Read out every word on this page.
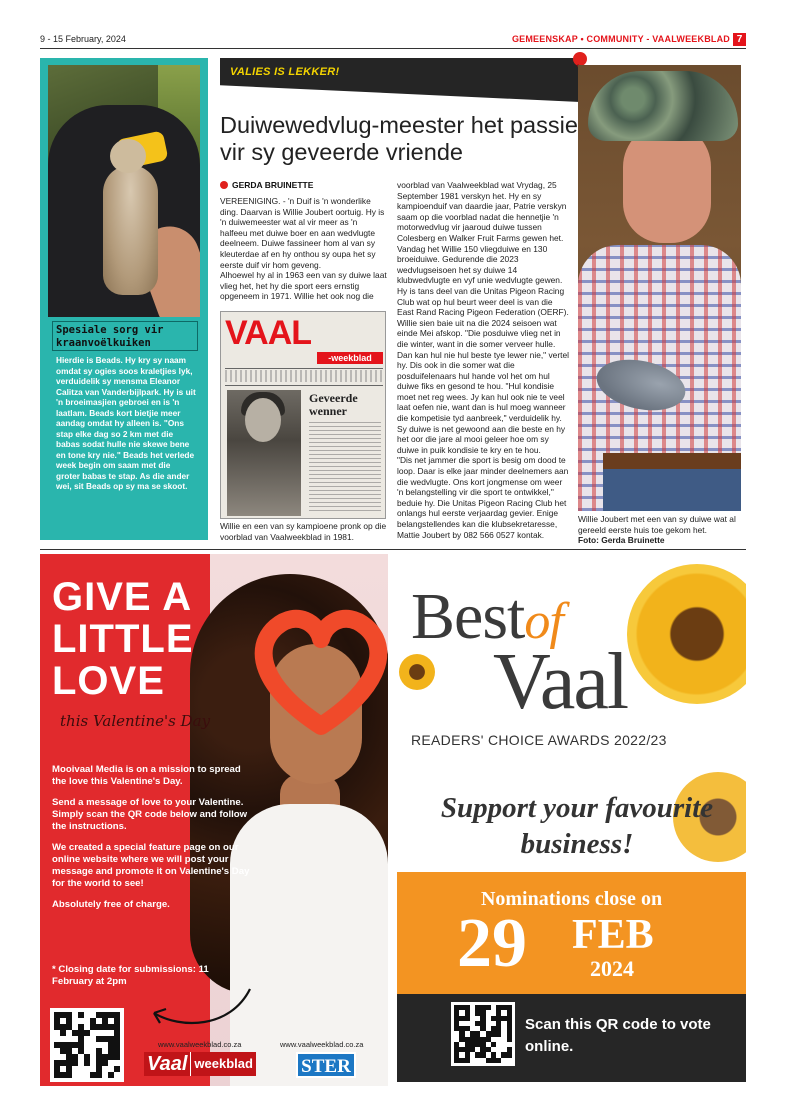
9 - 15 February, 2024	GEMEENSKAP • COMMUNITY - VAALWEEKBLAD 7
Spesiale sorg vir kraanvoëlkuiken
Hierdie is Beads. Hy kry sy naam omdat sy ogies soos kraletjies lyk, verduidelik sy mensma Eleanor Calitza van Vanderbijlpark. Hy is uit 'n broeimasjien gebroei en is 'n laatlam. Beads kort bietjie meer aandag omdat hy alleen is. "Ons stap elke dag so 2 km met die babas sodat hulle nie skewe bene en tone kry nie." Beads het verlede week begin om saam met die groter babas te stap. As die ander wei, sit Beads op sy ma se skoot.
VALIES IS LEKKER!
Duiwewedvlug-meester het passie vir sy geveerde vriende
GERDA BRUINETTE

VEREENIGING. - 'n Duif is 'n wonderlike ding. Daarvan is Willie Joubert oortuig. Hy is 'n duiwemeester wat al vir meer as 'n halfeeu met duiwe boer en aan wedvlugte deelneem. Duiwe fassineer hom al van sy kleuterdae af en hy onthou sy oupa het sy eerste duif vir hom geveng.

Alhoewel hy al in 1963 een van sy duiwe laat vlieg het, het hy die sport eers ernstig opgeneem in 1971. Willie het ook nog die

VAAL
-weekblad
Geveerde wenner
Willie en een van sy kampioene pronk op die voorblad van Vaalweekblad in 1981.

voorblad van Vaalweekblad wat Vrydag, 25 September 1981 verskyn het. Hy en sy kampioenduif van daardie jaar, Patrie verskyn saam op die voorblad nadat die hennetjie 'n motorwedvlug vir jaaroud duiwe tussen Colesberg en Walker Fruit Farms gewen het.

Vandag het Willie 150 vliegduiwe en 130 broeiduiwe. Gedurende die 2023 wedvlugseisoen het sy duiwe 14 klubwedvlugte en vyf unie wedvlugte gewen. Hy is tans deel van die Unitas Pigeon Racing Club wat op hul beurt weer deel is van die East Rand Racing Pigeon Federation (OERF). Willie sien baie uit na die 2024 seisoen wat einde Mei afskop. "Die posduiwe vlieg net in die winter, want in die somer verveer hulle. Dan kan hul nie hul beste tye lewer nie," vertel hy. Dis ook in die somer wat die posduifelenaars hul hande vol het om hul duiwe fiks en gesond te hou. "Hul kondisie moet net reg wees. Jy kan hul ook nie te veel laat oefen nie, want dan is hul moeg wanneer die kompetisie tyd aanbreek," verduidelik hy.

Sy duiwe is net gewoond aan die beste en hy het oor die jare al mooi geleer hoe om sy duiwe in puik kondisie te kry en te hou.

"Dis net jammer die sport is besig om dood te loop. Daar is elke jaar minder deelnemers aan die wedvlugte. Ons kort jongmense om weer 'n belangstelling vir die sport te ontwikkel," beduie hy. Die Unitas Pigeon Racing Club het onlangs hul eerste verjaardag gevier. Enige belangstellendes kan die klubsekretaresse, Mattie Joubert by 082 566 0527 kontak.

Willie Joubert met een van sy duiwe wat al gereeld eerste huis toe gekom het.
Foto: Gerda Bruinette
GIVE A
LITTLE
LOVE
this Valentine's Day

Mooivaal Media is on a mission to spread the love this Valentine's Day.

Send a message of love to your Valentine. Simply scan the QR code below and follow the instructions.

We created a special feature page on our online website where we will post your message and promote it on Valentine's Day for the world to see!

Absolutely free of charge.

* Closing date for submissions: 11 February at 2pm
www.vaalweekblad.co.za	www.vaalweekblad.co.za
Vaal weekblad	STER
Bestof
Vaal
READERS' CHOICE AWARDS 2022/23
Support your favourite business!
Nominations close on
29 FEB
2024
Scan this QR code to vote online.
